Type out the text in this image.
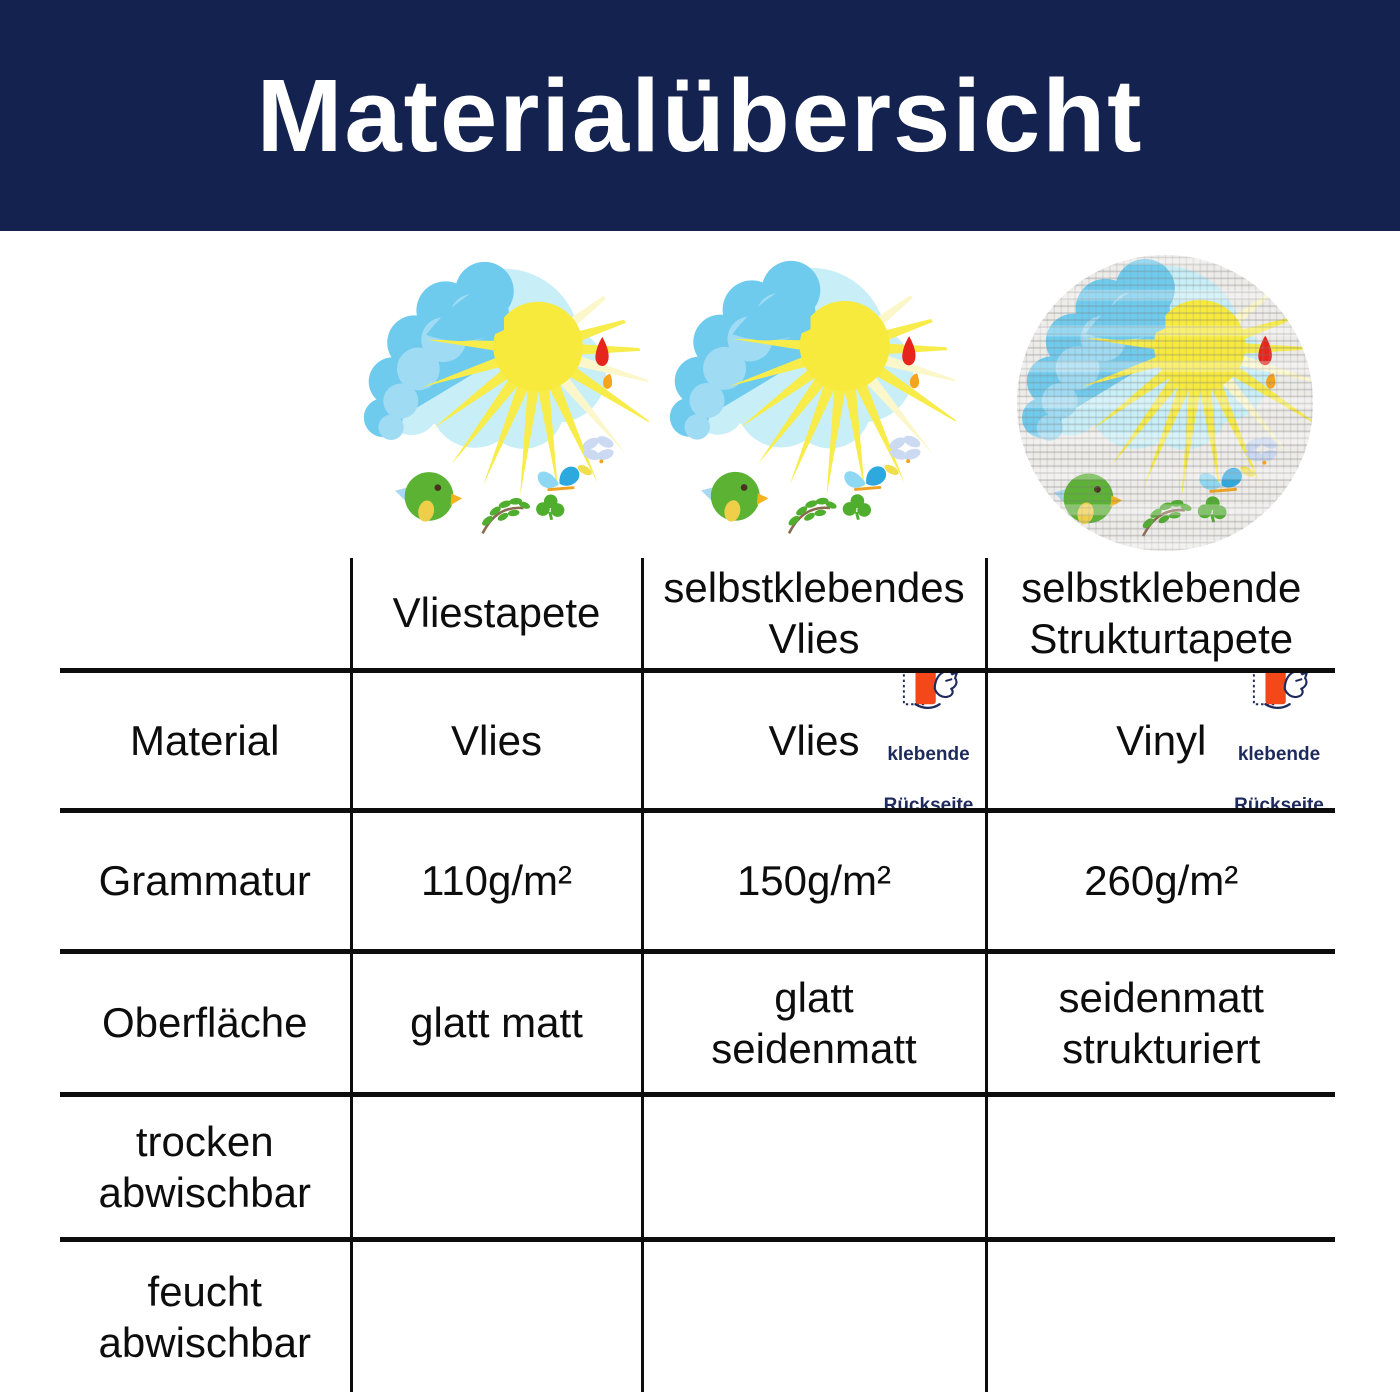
Materialübersicht
	Vliestapete	selbstklebendes Vlies	selbstklebende Strukturtapete
Material	Vlies	Vlies klebende Rückseite	Vinyl klebende Rückseite

Grammatur	110g/m²	150g/m²	260g/m²
Oberfläche	glatt matt	glatt seidenmatt	seidenmatt strukturiert
trocken abwischbar			
feucht abwischbar			
